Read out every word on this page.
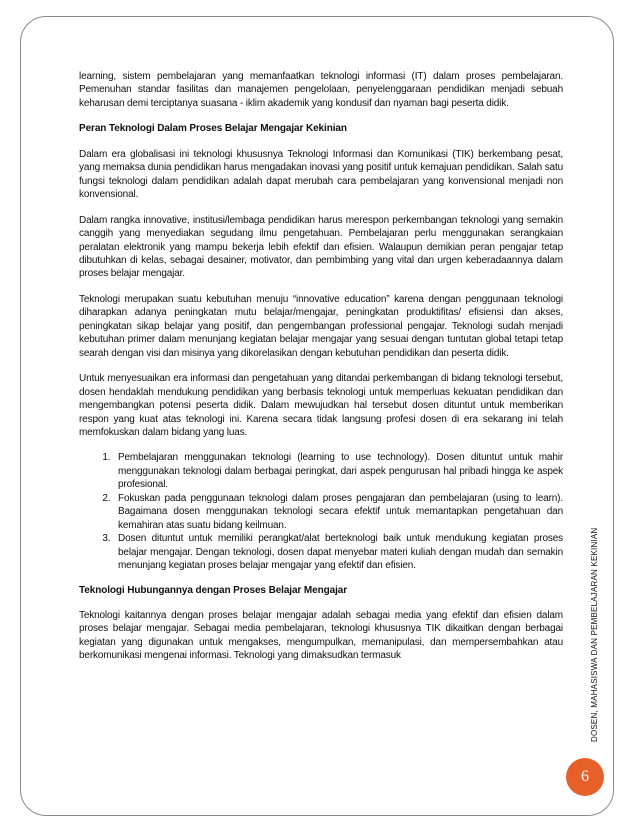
learning, sistem pembelajaran yang memanfaatkan teknologi informasi (IT) dalam proses pembelajaran. Pemenuhan standar fasilitas dan manajemen pengelolaan, penyelenggaraan pendidikan menjadi sebuah keharusan demi terciptanya suasana - iklim akademik yang kondusif dan nyaman bagi peserta didik.

Peran Teknologi Dalam Proses Belajar Mengajar Kekinian

Dalam era globalisasi ini teknologi khususnya Teknologi Informasi dan Komunikasi (TIK) berkembang pesat, yang memaksa dunia pendidikan harus mengadakan inovasi yang positif untuk kemajuan pendidikan. Salah satu fungsi teknologi dalam pendidikan adalah dapat merubah cara pembelajaran yang konvensional menjadi non konvensional.

Dalam rangka innovative, institusi/lembaga pendidikan harus merespon perkembangan teknologi yang semakin canggih yang menyediakan segudang ilmu pengetahuan. Pembelajaran perlu menggunakan serangkaian peralatan elektronik yang mampu bekerja lebih efektif dan efisien. Walaupun demikian peran pengajar tetap dibutuhkan di kelas, sebagai desainer, motivator, dan pembimbing yang vital dan urgen keberadaannya dalam proses belajar mengajar.

Teknologi merupakan suatu kebutuhan menuju “innovative education” karena dengan penggunaan teknologi diharapkan adanya peningkatan mutu belajar/mengajar, peningkatan produktifitas/ efisiensi dan akses, peningkatan sikap belajar yang positif, dan pengembangan professional pengajar. Teknologi sudah menjadi kebutuhan primer dalam menunjang kegiatan belajar mengajar yang sesuai dengan tuntutan global tetapi tetap searah dengan visi dan misinya yang dikorelasikan dengan kebutuhan pendidikan dan peserta didik.

Untuk menyesuaikan era informasi dan pengetahuan yang ditandai perkembangan di bidang teknologi tersebut, dosen hendaklah mendukung pendidikan yang berbasis teknologi untuk memperluas kekuatan pendidikan dan mengembangkan potensi peserta didik. Dalam mewujudkan hal tersebut dosen dituntut untuk memberikan respon yang kuat atas teknologi ini. Karena secara tidak langsung profesi dosen di era sekarang ini telah memfokuskan dalam bidang yang luas.

1. Pembelajaran menggunakan teknologi (learning to use technology). Dosen dituntut untuk mahir menggunakan teknologi dalam berbagai peringkat, dari aspek pengurusan hal pribadi hingga ke aspek profesional.
2. Fokuskan pada penggunaan teknologi dalam proses pengajaran dan pembelajaran (using to learn). Bagaimana dosen menggunakan teknologi secara efektif untuk memantapkan pengetahuan dan kemahiran atas suatu bidang keilmuan.
3. Dosen dituntut untuk memiliki perangkat/alat berteknologi baik untuk mendukung kegiatan proses belajar mengajar. Dengan teknologi, dosen dapat menyebar materi kuliah dengan mudah dan semakin menunjang kegiatan proses belajar mengajar yang efektif dan efisien.
Teknologi Hubungannya dengan Proses Belajar Mengajar

Teknologi kaitannya dengan proses belajar mengajar adalah sebagai media yang efektif dan efisien dalam proses belajar mengajar. Sebagai media pembelajaran, teknologi khususnya TIK dikaitkan dengan berbagai kegiatan yang digunakan untuk mengakses, mengumpulkan, memanipulasi, dan mempersembahkan atau berkomunikasi mengenai informasi. Teknologi yang dimaksudkan termasuk	DOSEN, MAHASISWA DAN PEMBELAJARAN KEKINIAN
6
